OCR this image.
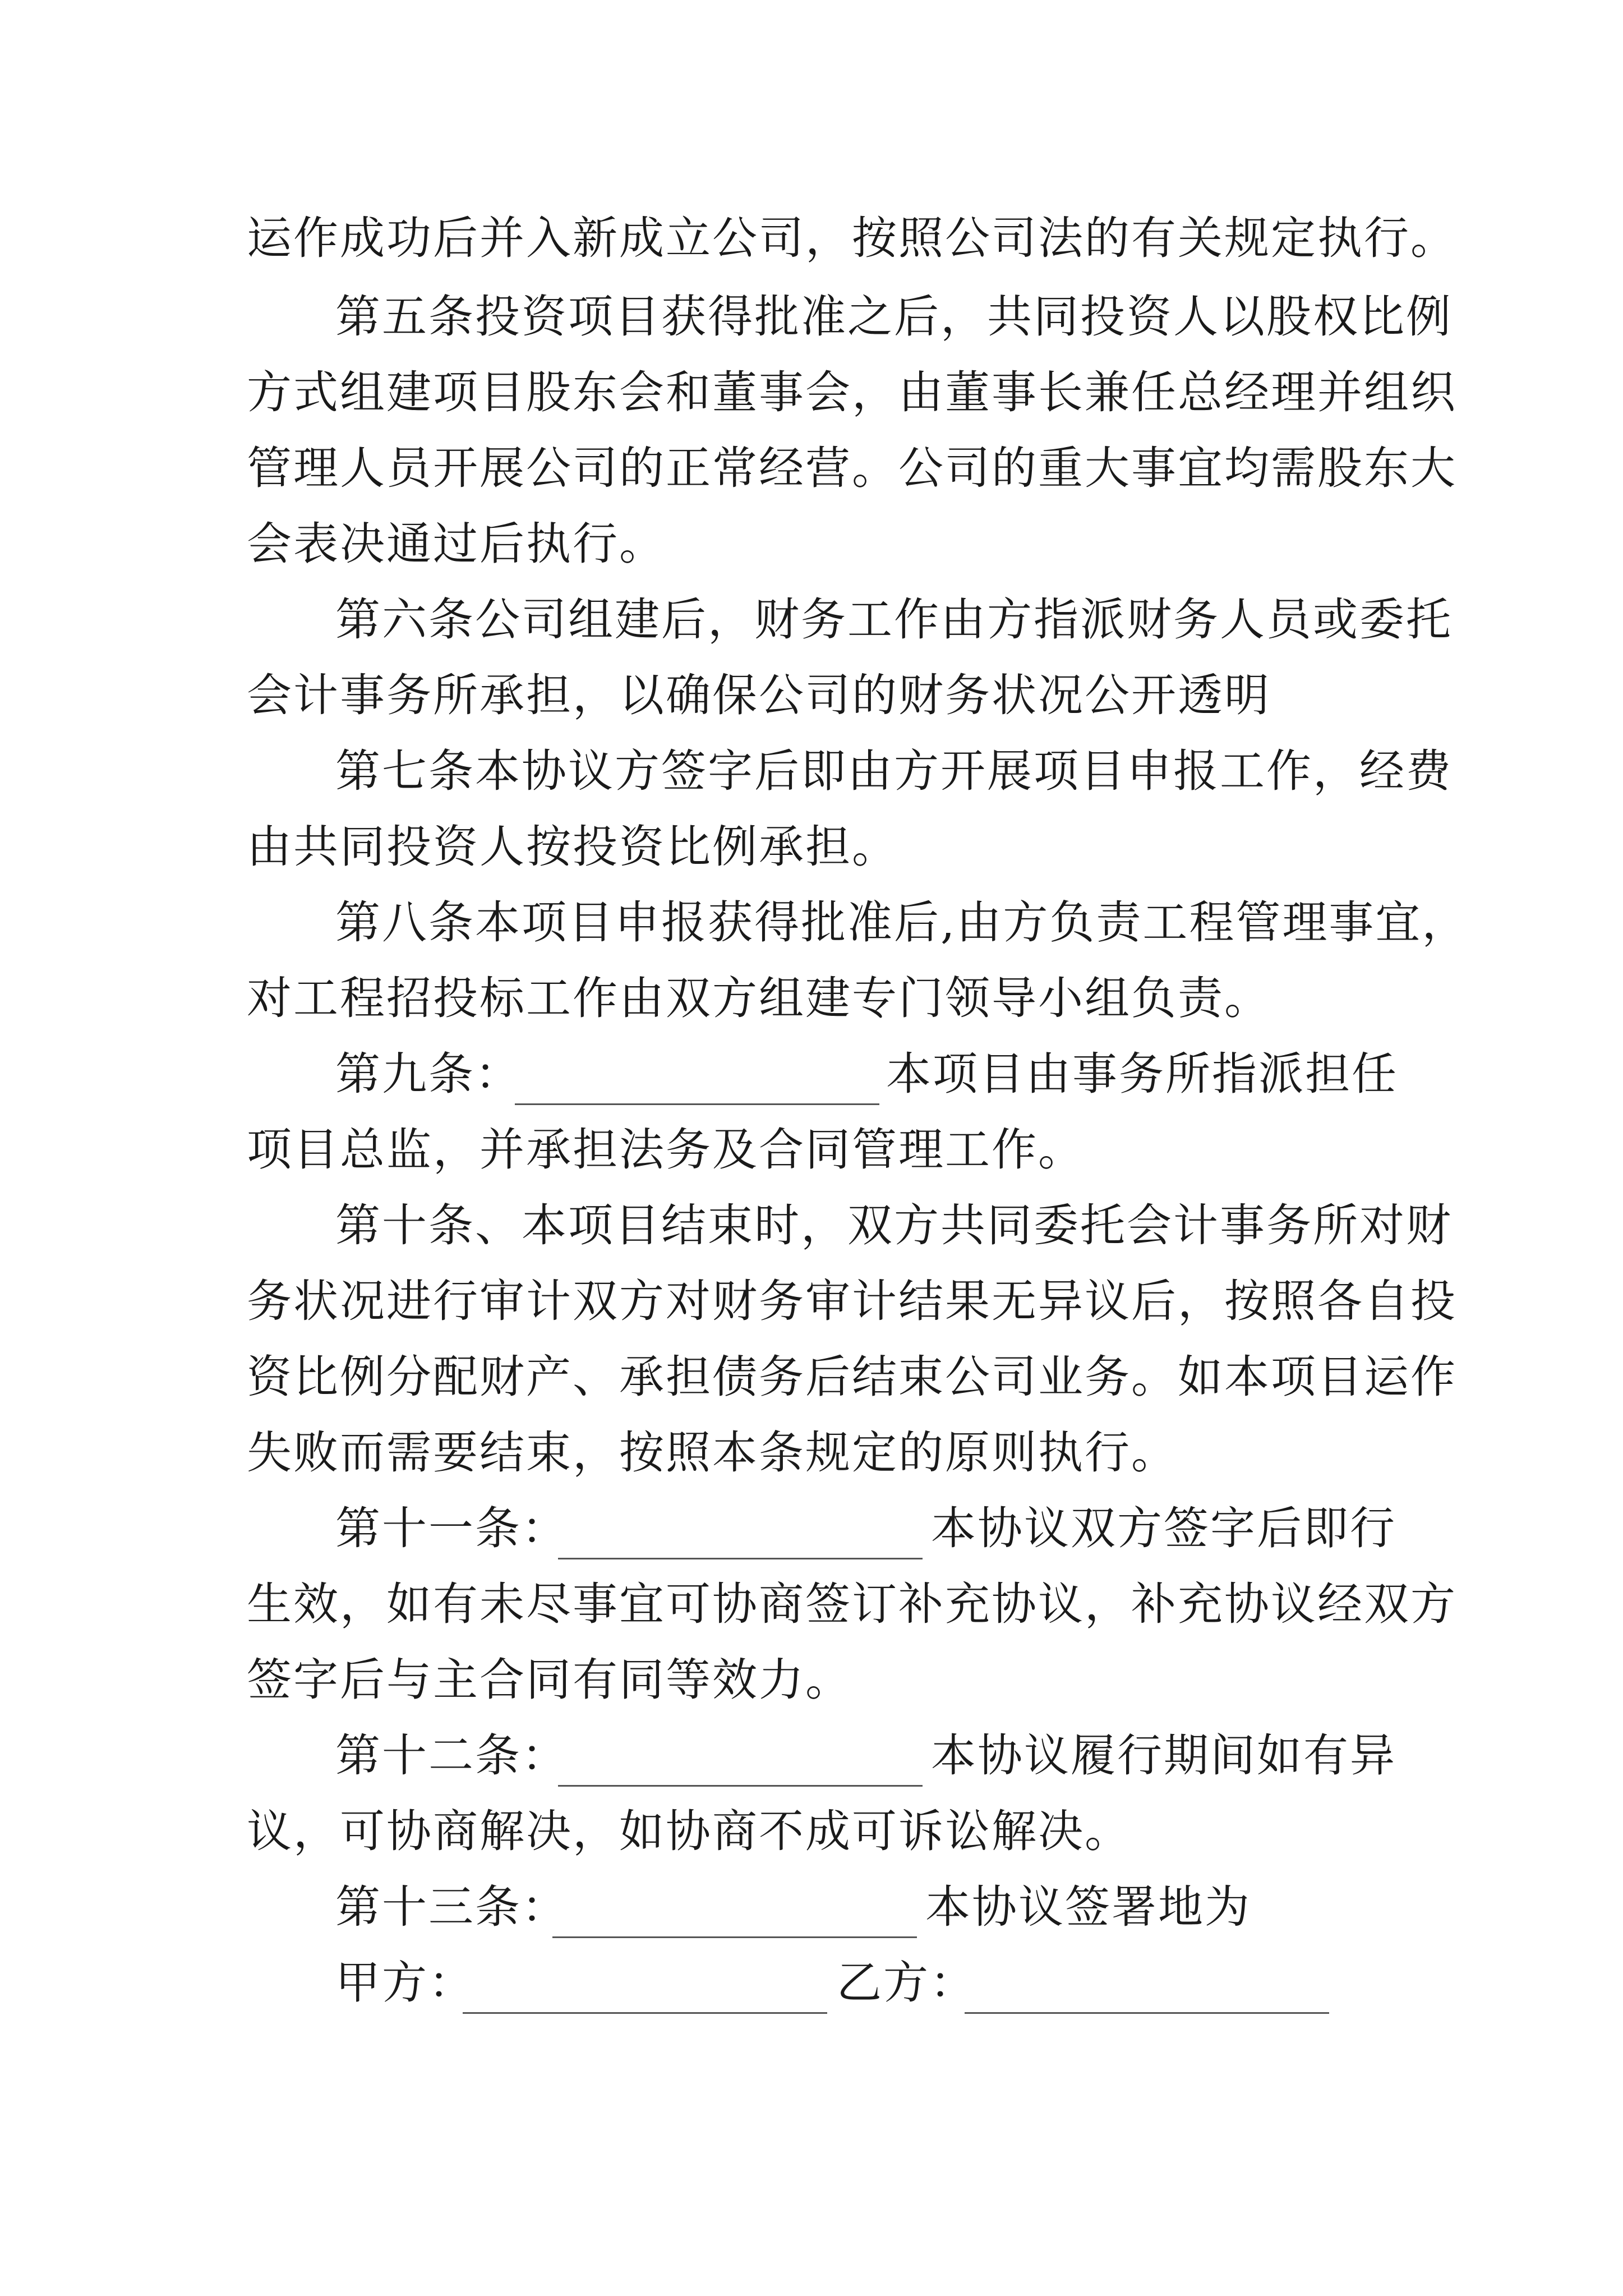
运作成功后并入新成立公司，按照公司法的有关规定执行。
第五条投资项目获得批准之后，共同投资人以股权比例
方式组建项目股东会和董事会，由董事长兼任总经理并组织
管理人员开展公司的正常经营。公司的重大事宜均需股东大
会表决通过后执行。
第六条公司组建后，财务工作由方指派财务人员或委托
会计事务所承担，以确保公司的财务状况公开透明
第七条本协议方签字后即由方开展项目申报工作，经费
由共同投资人按投资比例承担。
第八条本项目申报获得批准后,由方负责工程管理事宜，
对工程招投标工作由双方组建专门领导小组负责。
第九条：	本项目由事务所指派担任
项目总监，并承担法务及合同管理工作。
第十条、本项目结束时，双方共同委托会计事务所对财
务状况进行审计双方对财务审计结果无异议后，按照各自投
资比例分配财产、承担债务后结束公司业务。如本项目运作
失败而需要结束，按照本条规定的原则执行。
第十一条：	本协议双方签字后即行
生效，如有未尽事宜可协商签订补充协议，补充协议经双方
签字后与主合同有同等效力。
第十二条：	本协议履行期间如有异
议，可协商解决，如协商不成可诉讼解决。
第十三条：	本协议签署地为
甲方：	乙方：
